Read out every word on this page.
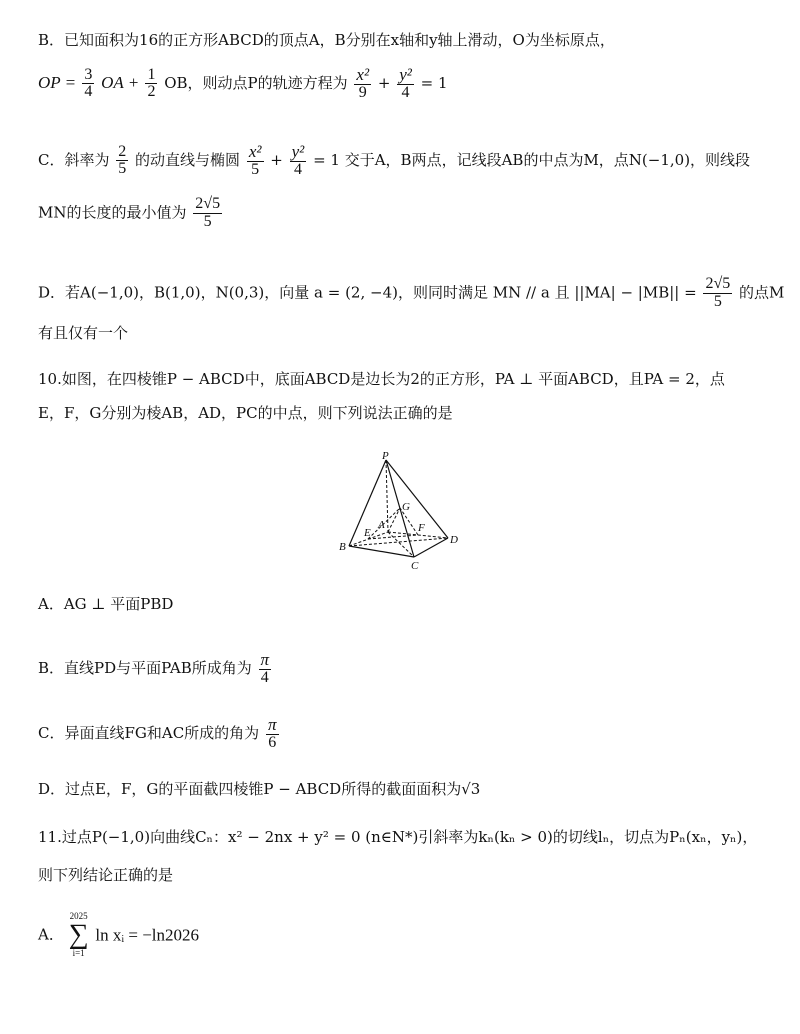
B．已知面积为16的正方形ABCD的顶点A，B分别在x轴和y轴上滑动，O为坐标原点，
OP = $\frac{3}{4}$ OA + $\frac{1}{2}$ OB，则动点P的轨迹方程为 $\frac{\text{x²}}{9} + \frac{\text{y²}}{4} = 1$
C．斜率为 $\frac{2}{5}$ 的动直线与椭圆 $\frac{\text{x²}}{5} + \frac{\text{y²}}{4} = 1$ 交于A，B两点，记线段AB的中点为M，点N(−1,0)，则线段
MN的长度的最小值为 $\frac{2√5}{5}$
D．若A(−1,0)，B(1,0)，N(0,3)，向量 a = (2, −4)，则同时满足 MN // a 且 $||MA| - |MB|| = \frac{2√5}{5}$ 的点M
有且仅有一个
10.如图，在四棱锥P − ABCD中，底面ABCD是边长为2的正方形，PA ⊥ 平面ABCD，且PA = 2，点
E，F，G分别为棱AB，AD，PC的中点，则下列说法正确的是
P
G
A
E	F
B
D
C
A．AG ⊥ 平面PBD
B．直线PD与平面PAB所成角为 $\frac{\pi}{4}$
C．异面直线FG和AC所成的角为 $\frac{\pi}{6}$
D．过点E，F，G的平面截四棱锥P − ABCD所得的截面面积为√3
11.过点P(−1,0)向曲线Cₙ：x² − 2nx + y² = 0 (n∈N*)引斜率为kₙ(kₙ > 0)的切线lₙ，切点为Pₙ(xₙ，yₙ)，
则下列结论正确的是
A．
2025
∑
i=1
ln xᵢ = −ln2026
